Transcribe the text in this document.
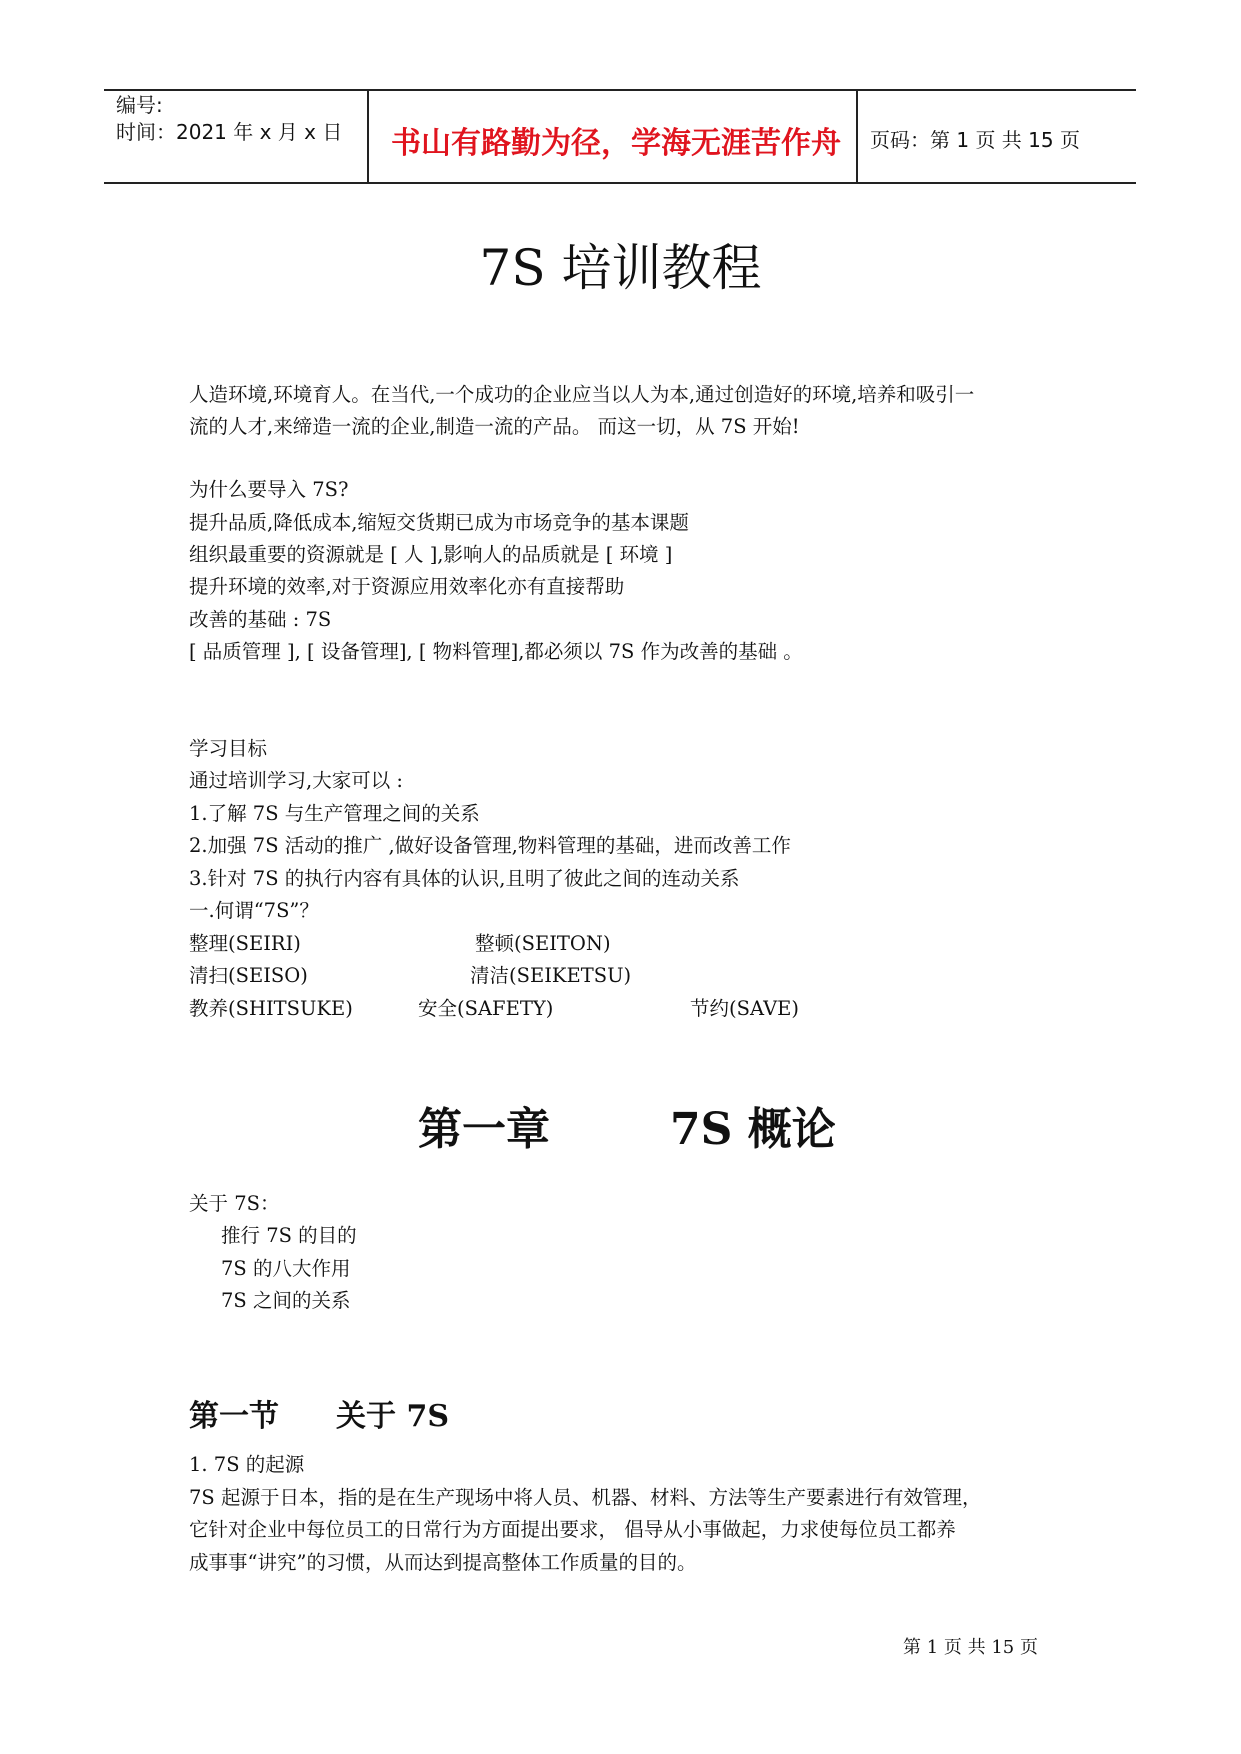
编号:
时间：2021 年 x 月 x 日 书山有路勤为径，学海无涯苦作舟 页码：第 1 页 共 15 页
7S 培训教程
人造环境,环境育人。在当代,一个成功的企业应当以人为本,通过创造好的环境,培养和吸引一
流的人才,来缔造一流的企业,制造一流的产品。 而这一切，从 7S 开始!
为什么要导入 7S?
提升品质,降低成本,缩短交货期已成为市场竞争的基本课题
组织最重要的资源就是 [ 人 ],影响人的品质就是 [ 环境 ]
提升环境的效率,对于资源应用效率化亦有直接帮助
改善的基础 : 7S
[ 品质管理 ], [ 设备管理], [ 物料管理],都必须以 7S 作为改善的基础 。
学习目标
通过培训学习,大家可以 :
1.了解 7S 与生产管理之间的关系
2.加强 7S 活动的推广 ,做好设备管理,物料管理的基础，进而改善工作
3.针对 7S 的执行内容有具体的认识,且明了彼此之间的连动关系
一.何谓“7S”？
整理(SEIRI)	整顿(SEITON)
清扫(SEISO)	清洁(SEIKETSU)
教养(SHITSUKE)	安全(SAFETY)	节约(SAVE)
第一章	7S 概论
关于 7S：
推行 7S 的目的
7S 的八大作用
7S 之间的关系
第一节 关于 7S
1. 7S 的起源
7S 起源于日本，指的是在生产现场中将人员、机器、材料、方法等生产要素进行有效管理，
它针对企业中每位员工的日常行为方面提出要求， 倡导从小事做起，力求使每位员工都养
成事事“讲究”的习惯，从而达到提高整体工作质量的目的。
第 1 页 共 15 页
